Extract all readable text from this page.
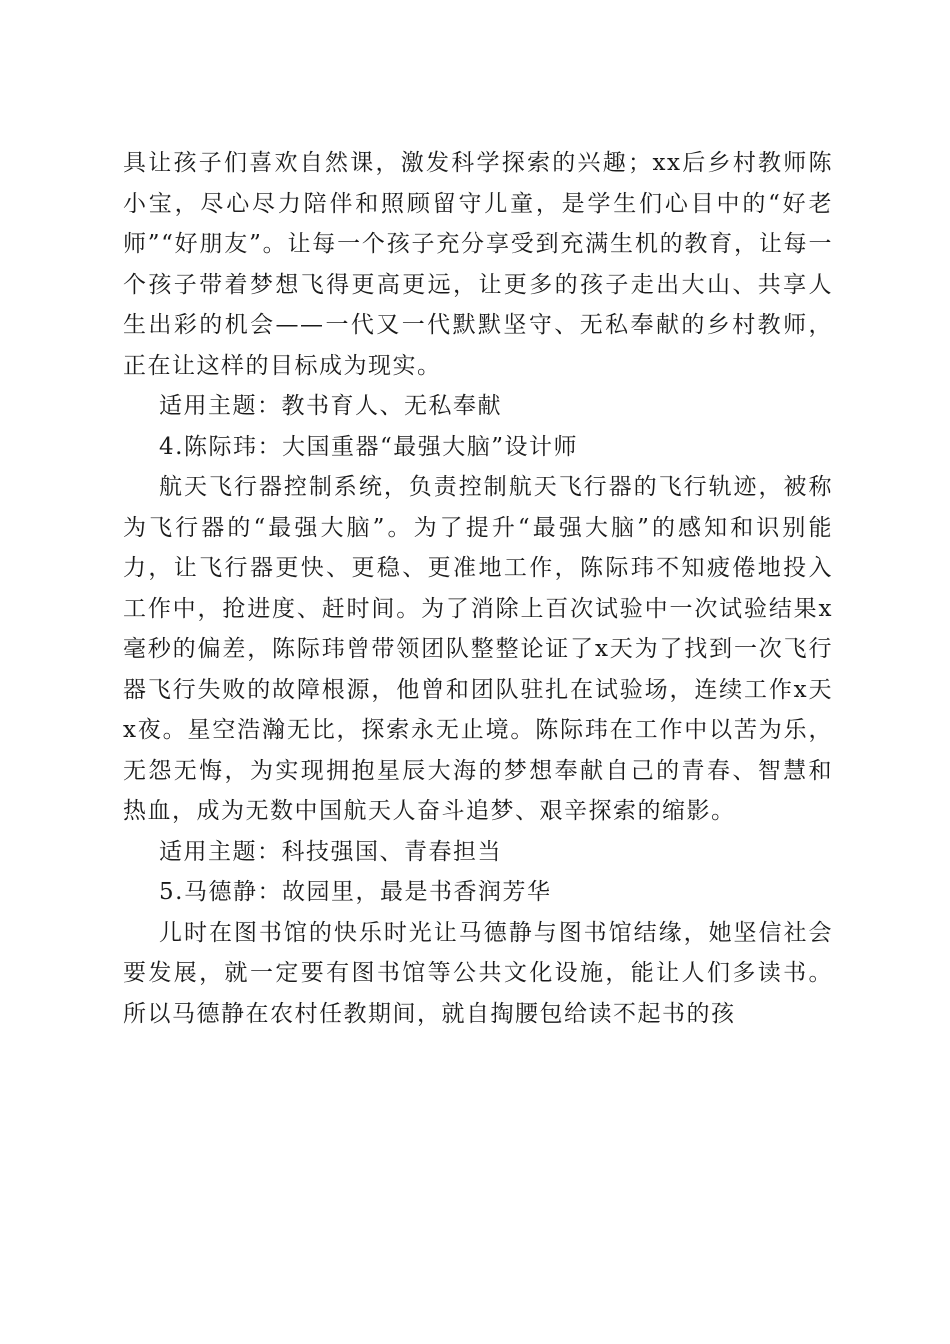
具让孩子们喜欢自然课，激发科学探索的兴趣；xx后乡村教师陈小宝，尽心尽力陪伴和照顾留守儿童，是学生们心目中的“好老师”“好朋友”。让每一个孩子充分享受到充满生机的教育，让每一个孩子带着梦想飞得更高更远，让更多的孩子走出大山、共享人生出彩的机会——一代又一代默默坚守、无私奉献的乡村教师，正在让这样的目标成为现实。

适用主题：教书育人、无私奉献

4.陈际玮：大国重器“最强大脑”设计师

航天飞行器控制系统，负责控制航天飞行器的飞行轨迹，被称为飞行器的“最强大脑”。为了提升“最强大脑”的感知和识别能力，让飞行器更快、更稳、更准地工作，陈际玮不知疲倦地投入工作中，抢进度、赶时间。为了消除上百次试验中一次试验结果x毫秒的偏差，陈际玮曾带领团队整整论证了x天为了找到一次飞行器飞行失败的故障根源，他曾和团队驻扎在试验场，连续工作x天x夜。星空浩瀚无比，探索永无止境。陈际玮在工作中以苦为乐，无怨无悔，为实现拥抱星辰大海的梦想奉献自己的青春、智慧和热血，成为无数中国航天人奋斗追梦、艰辛探索的缩影。

适用主题：科技强国、青春担当

5.马德静：故园里，最是书香润芳华

儿时在图书馆的快乐时光让马德静与图书馆结缘，她坚信社会要发展，就一定要有图书馆等公共文化设施，能让人们多读书。所以马德静在农村任教期间，就自掏腰包给读不起书的孩
